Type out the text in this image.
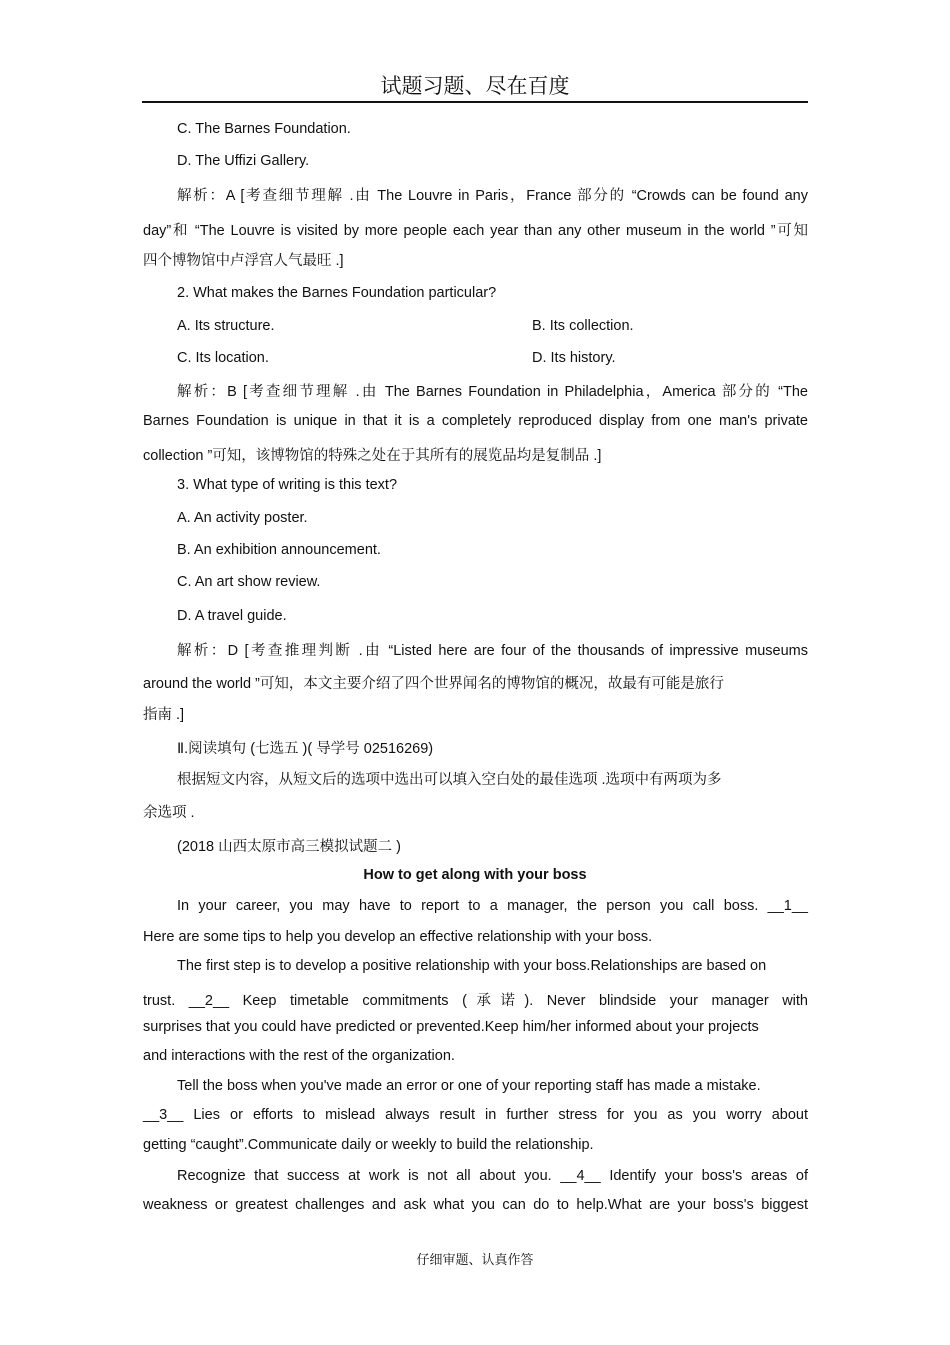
试题习题、尽在百度
C. The Barnes Foundation.
D. The Uffizi Gallery.
解析：A [考查细节理解 .由 The Louvre in Paris，France 部分的 “Crowds can be found any
day”和 “The Louvre is visited by more people each year than any other museum in the world ”可知
四个博物馆中卢浮宫人气最旺 .]
2. What makes the Barnes Foundation particular?
A. Its structure.	B. Its collection.
C. Its location.	D. Its history.
解析：B [考查细节理解 .由 The Barnes Foundation in Philadelphia，America 部分的 “The
Barnes Foundation is unique in that it is a completely reproduced display from one man's private
collection ”可知，该博物馆的特殊之处在于其所有的展览品均是复制品 .]
3. What type of writing is this text?
A. An activity poster.
B. An exhibition announcement.
C. An art show review.
D. A travel guide.
解析：D [考查推理判断 .由 “Listed here are four of the thousands of impressive museums
around the world ”可知，本文主要介绍了四个世界闻名的博物馆的概况，故最有可能是旅行
指南 .]
Ⅱ.阅读填句 (七选五 )( 导学号 02516269)
根据短文内容，从短文后的选项中选出可以填入空白处的最佳选项 .选项中有两项为多
余选项 .
(2018 山西太原市高三模拟试题二 )
How to get along with your boss
In your career, you may have to report to a manager, the person you call boss. __1__
Here are some tips to help you develop an effective relationship with your boss.
The first step is to develop a positive relationship with your boss.Relationships are based on
trust. __2__ Keep timetable commitments (承诺). Never blindside your manager with
surprises that you could have predicted or prevented.Keep him/her informed about your projects
and interactions with the rest of the organization.
Tell the boss when you've made an error or one of your reporting staff has made a mistake.
__3__ Lies or efforts to mislead always result in further stress for you as you worry about
getting “caught”.Communicate daily or weekly to build the relationship.
Recognize that success at work is not all about you. __4__ Identify your boss's areas of
weakness or greatest challenges and ask what you can do to help.What are your boss's biggest
仔细审题、认真作答
